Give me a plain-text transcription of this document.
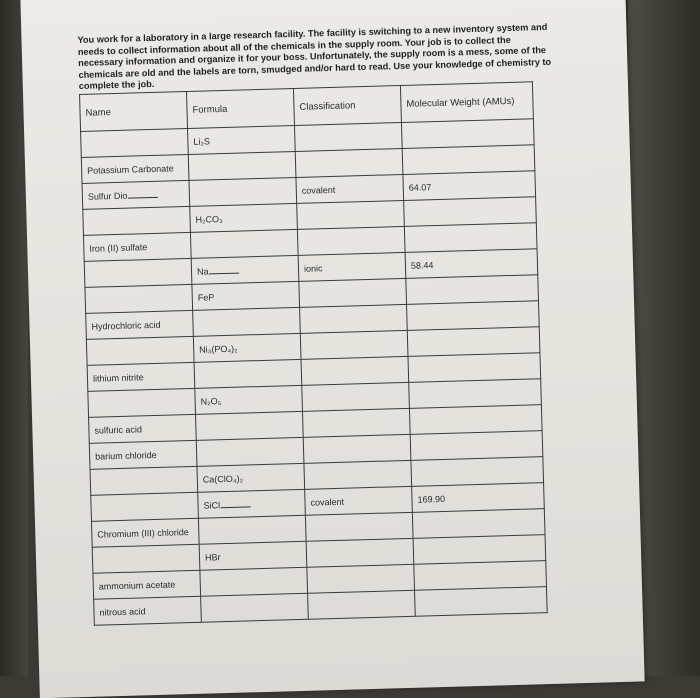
You work for a laboratory in a large research facility. The facility is switching to a new inventory system and needs to collect information about all of the chemicals in the supply room. Your job is to collect the necessary information and organize it for your boss. Unfortunately, the supply room is a mess, some of the chemicals are old and the labels are torn, smudged and/or hard to read. Use your knowledge of chemistry to complete the job.
Name	Formula	Classification	Molecular Weight (AMUs)
	Li₂S		
Potassium Carbonate			
Sulfur Dio		covalent	64.07
	H₂CO₃		
Iron (II) sulfate			
	Na	ionic	58.44
	FeP		
Hydrochloric acid			
	Ni₃(PO₄)₂		
lithium nitrite			
	N₂O₅		
sulfuric acid			
barium chloride			
	Ca(ClO₄)₂		
	SiCl	covalent	169.90
Chromium (III) chloride			
	HBr		
ammonium acetate			
nitrous acid			
